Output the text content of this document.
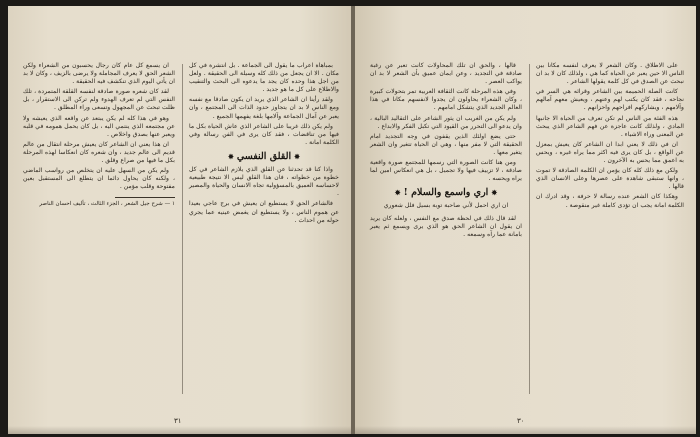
بمباهاة اعراب ما يقول الى الجماعة . بل انتشرة في كل مكان . الا ان يجعل من ذلك كله وسيلة الى الحقيقة . ولعل من اجل هذا وحده كان يجد ما يدعوه الى البحث والتنقيب والاطلاع على كل ما هو جديد .

ولقد رأينا ان الشاعر الذي يريد ان يكون صادقا مع نفسه ومع الناس لا بد ان يتجاوز حدود الذات الى المجتمع ، وان يعبر عن آمال الجماعة وآلامها بلغة يفهمها الجميع .

ولم يكن ذلك غريبا على الشاعر الذي عاش الحياة بكل ما فيها من تناقضات ، فقد كان يرى في الفن رسالة وفي الكلمة امانة .

✸القلق النفسي✸

واذا كنا قد تحدثنا عن القلق الذي يلازم الشاعر في كل خطوة من خطواته ، فان هذا القلق ليس الا نتيجة طبيعية لاحساسه العميق بالمسؤولية تجاه الانسان والحياة والمصير .

فالشاعر الحق لا يستطيع ان يعيش في برج عاجي بعيدا عن هموم الناس ، ولا يستطيع ان يغمض عينيه عما يجري حوله من احداث .

ان يسمع كل عام كان رجال يحسبون من الشعراء ولكن الشعر الحق لا يعرف المجاملة ولا يرضى بالزيف ، وكان لا بد ان يأتي اليوم الذي تنكشف فيه الحقيقة .

لقد كان شعره صورة صادقة لنفسه القلقة المتمردة ، تلك النفس التي لم تعرف الهدوء ولم تركن الى الاستقرار ، بل ظلت تبحث عن المجهول وتسعى وراء المطلق .

وهو في هذا كله لم يكن يبتعد عن واقعه الذي يعيشه ولا عن مجتمعه الذي ينتمي اليه ، بل كان يحمل همومه في قلبه ويعبر عنها بصدق واخلاص .

ان هذا يعني ان الشاعر كان يعيش مرحلة انتقال من عالم قديم الى عالم جديد ، وان شعره كان انعكاسا لهذه المرحلة بكل ما فيها من صراع وقلق .

ولم يكن من السهل عليه ان يتخلص من رواسب الماضي ، ولكنه كان يحاول دائما ان يتطلع الى المستقبل بعين مفتوحة وقلب مؤمن .

١ — شرح جيل الشعر ، الجزء الثالث ، تأليف احسان الناصر
٣١

على الاطلاق . وكان الشعر لا يعرف لنفسه مكانا بين الناس الا حين يعبر عن الحياة كما هي ، ولذلك كان لا بد ان نبحث عن الصدق في كل كلمة يقولها الشاعر .

كانت الصلة الحميمة بين الشاعر وقرائه هي السر في نجاحه ، فقد كان يكتب لهم وعنهم ، ويعيش معهم آمالهم وآلامهم ، ويشاركهم افراحهم واحزانهم .

هذه الفئة من الناس لم تكن تعرف من الحياة الا جانبها المادي ، ولذلك كانت عاجزة عن فهم الشاعر الذي يبحث عن المعنى وراء الاشياء .

ان في ذلك لا يعني ابدا ان الشاعر كان يعيش بمعزل عن الواقع ، بل كان يرى فيه اكثر مما يراه غيره ، ويحس به اعمق مما يحس به الآخرون .

ولكن مع ذلك كله كان يؤمن ان الكلمة الصادقة لا تموت ، وانها ستبقى شاهدة على عصرها وعلى الانسان الذي قالها .

وهكذا كان الشعر عنده رسالة لا حرفة ، وقد ادرك ان الكلمة امانة يجب ان تؤدى كاملة غير منقوصة .

قالها ، والحق ان تلك المحاولات كانت تعبر عن رغبة صادقة في التجديد ، وعن ايمان عميق بأن الشعر لا بد ان يواكب العصر .

وفي هذه المرحلة كانت الثقافة العربية تمر بتحولات كبيرة ، وكان الشعراء يحاولون ان يجدوا لانفسهم مكانا في هذا العالم الجديد الذي يتشكل امامهم .

ولم يكن من الغريب ان يثور الشاعر على التقاليد البالية ، وان يدعو الى التحرر من القيود التي تكبل الفكر والابداع .

حتى يضع اولئك الذين يقفون في وجه التجديد امام الحقيقة التي لا مفر منها ، وهي ان الحياة تتغير وان الشعر يتغير معها .

ومن هنا كانت الصورة التي رسمها للمجتمع صورة واقعية صادقة ، لا تزييف فيها ولا تجميل ، بل هي انعكاس امين لما يراه ويحسه .

✸اري واسمع والسلام !✸
ان اري احمل لأني صاحبة توبة بسيل فلل شعوري

لقد قال ذلك في لحظة صدق مع النفس ، ولعله كان يريد ان يقول ان الشاعر الحق هو الذي يرى ويسمع ثم يعبر بامانة عما رآه وسمعه .

٣٠
